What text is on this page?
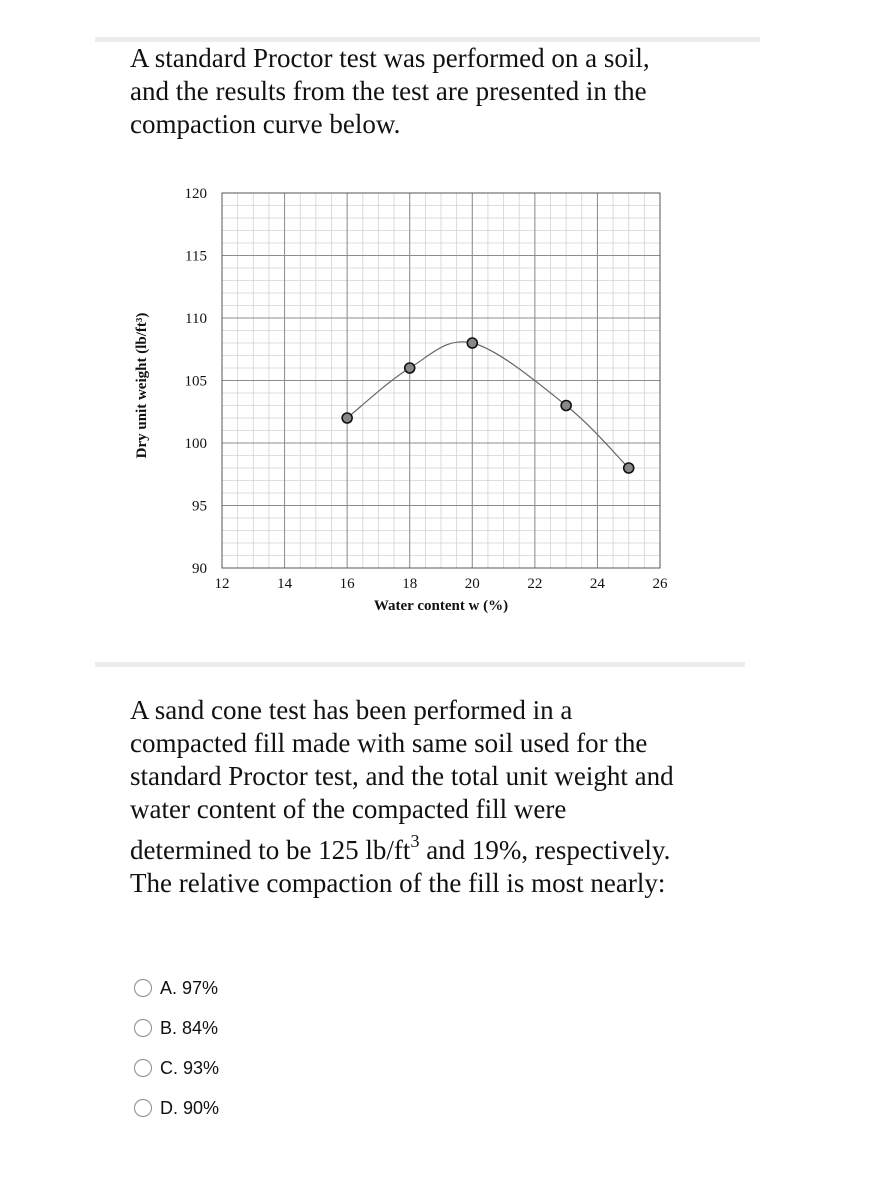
A standard Proctor test was performed on a soil,
and the results from the test are presented in the
compaction curve below.
120
115
110
105
100
95
90
12	14	16	18	20	22	24	26
Water content w (%)
Dry unit weight (lb/ft³)
A sand cone test has been performed in a
compacted fill made with same soil used for the
standard Proctor test, and the total unit weight and
water content of the compacted fill were
determined to be 125 $lb/ft^3$ and 19%, respectively.
The relative compaction of the fill is most nearly:
A. 97%
B. 84%
C. 93%
D. 90%
